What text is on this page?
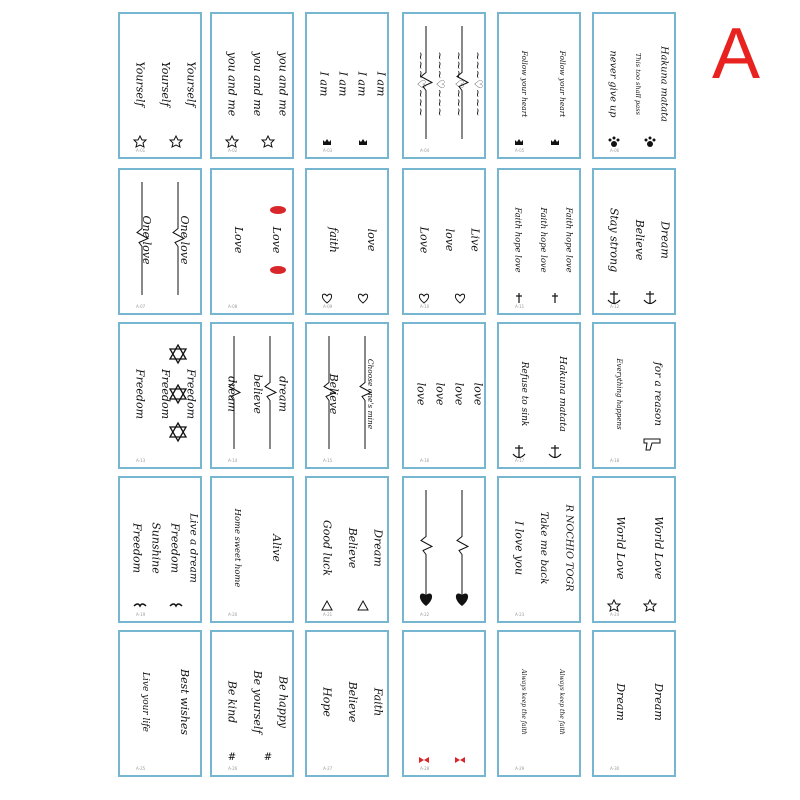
Yourself Yourself Yourself
A-01
you and me you and me you and me
A-02
I am I am I am I am
A-03
~~~♡~~~ ~~~♡~~~ ~~~♡~~~ ~~~♡~~~
A-04
Follow your heart	Follow your heart
A-05
never give up This too shall pass Hakuna matata
A-06
One love One love
A-07
Love Love
A-08
faith love
A-09
Love love Live
A-10
Faith hope love Faith hope love Faith hope love
A-11
Stay strong Believe Dream
A-12
Freedom Freedom Freedom
A-13
dream believe dream
A-14
Believe	Choose one's mine
A-15
love love love love
A-16
Refuse to sink	Hakuna matata
A-17
Everything happens	for a reason
A-18
Freedom Sunshine Freedom Live a dream
A-19
Home sweet home Alive
A-20
Good luck Believe Dream
A-21	A-22
I love you Take me back R NOCHIO TOGR
A-23
World Love World Love
A-24
Live your life	Best wishes
A-25
Be kind Be yourself Be happy
#	#
A-26
Hope Believe Faith
A-27	A-28
Always keep the faith	Always keep the faith
A-29
Dream Dream
A-30
A
